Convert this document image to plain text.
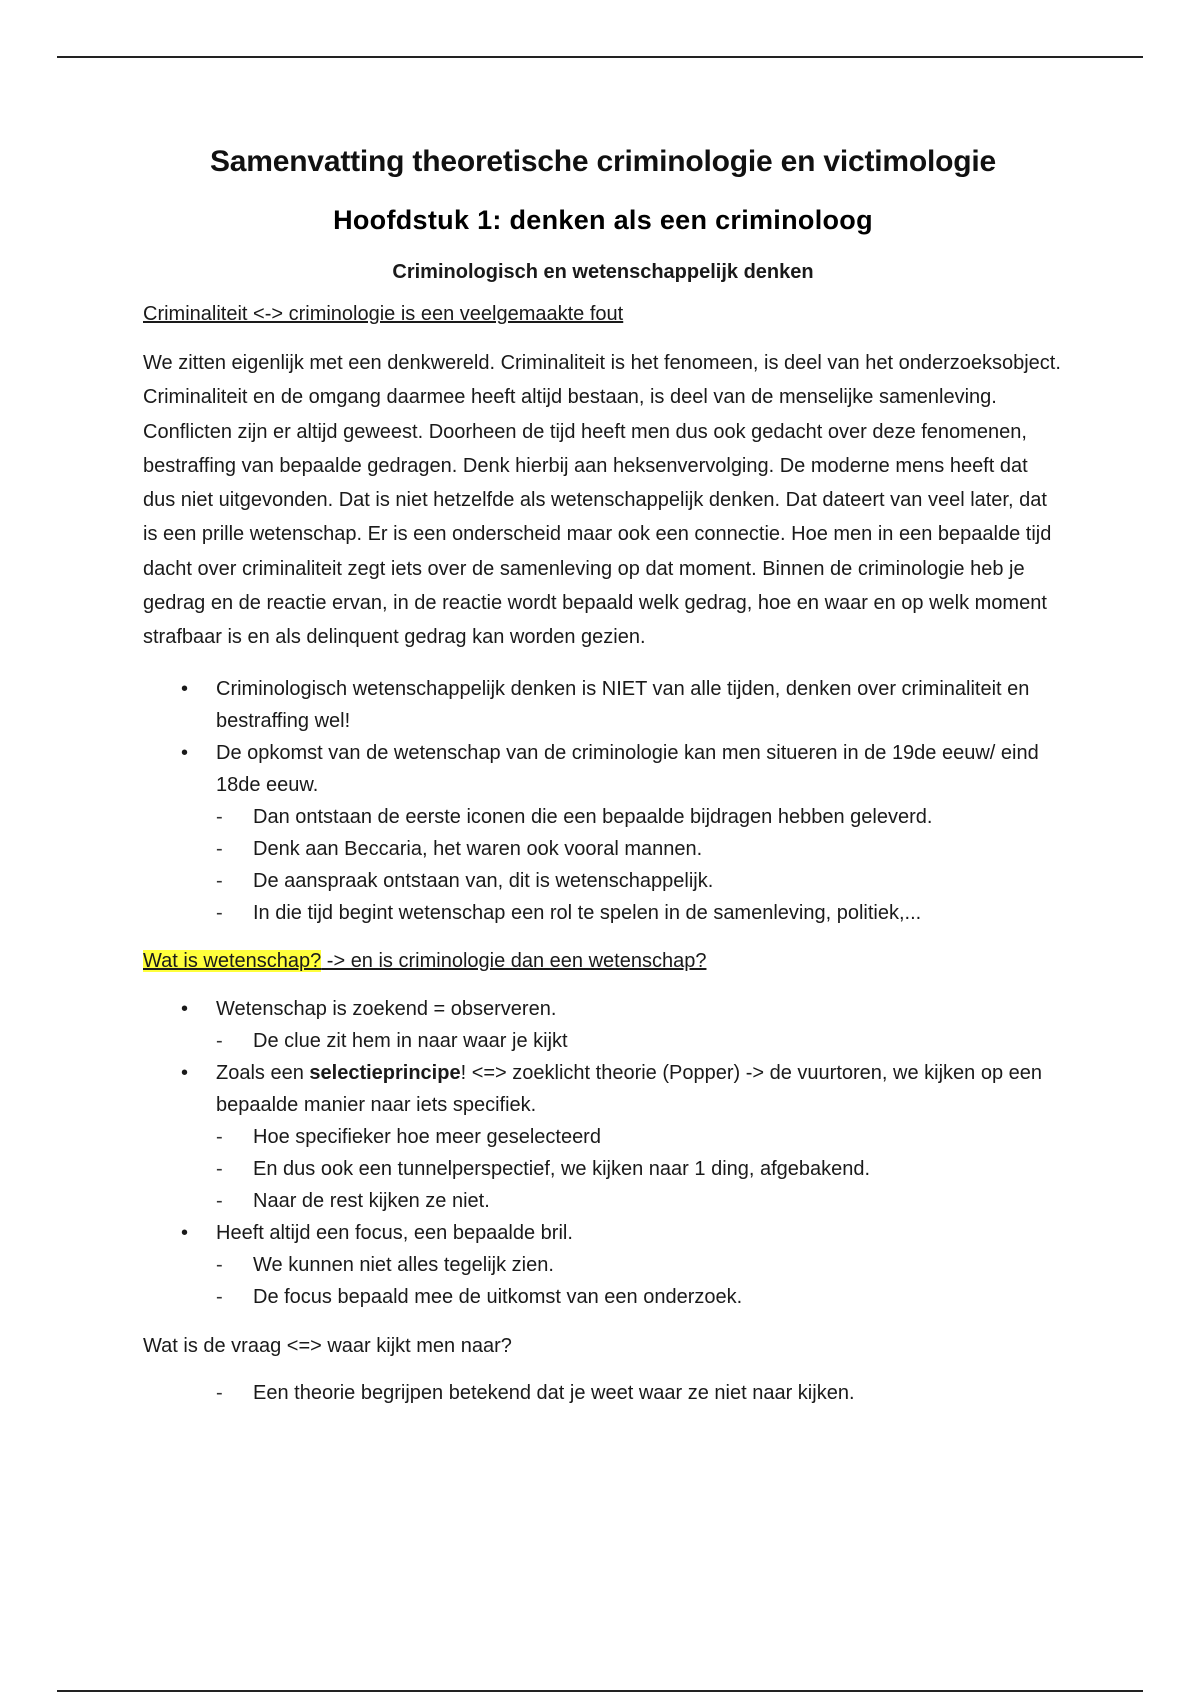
Samenvatting theoretische criminologie en victimologie
Hoofdstuk 1: denken als een criminoloog
Criminologisch en wetenschappelijk denken

Criminaliteit <-> criminologie is een veelgemaakte fout

We zitten eigenlijk met een denkwereld. Criminaliteit is het fenomeen, is deel van het onderzoeksobject. Criminaliteit en de omgang daarmee heeft altijd bestaan, is deel van de menselijke samenleving. Conflicten zijn er altijd geweest. Doorheen de tijd heeft men dus ook gedacht over deze fenomenen, bestraffing van bepaalde gedragen. Denk hierbij aan heksenvervolging. De moderne mens heeft dat dus niet uitgevonden. Dat is niet hetzelfde als wetenschappelijk denken. Dat dateert van veel later, dat is een prille wetenschap. Er is een onderscheid maar ook een connectie. Hoe men in een bepaalde tijd dacht over criminaliteit zegt iets over de samenleving op dat moment. Binnen de criminologie heb je gedrag en de reactie ervan, in de reactie wordt bepaald welk gedrag, hoe en waar en op welk moment strafbaar is en als delinquent gedrag kan worden gezien.

• Criminologisch wetenschappelijk denken is NIET van alle tijden, denken over criminaliteit en bestraffing wel!
• De opkomst van de wetenschap van de criminologie kan men situeren in de 19de eeuw/ eind 18de eeuw.
- Dan ontstaan de eerste iconen die een bepaalde bijdragen hebben geleverd.
- Denk aan Beccaria, het waren ook vooral mannen.
- De aanspraak ontstaan van, dit is wetenschappelijk.
- In die tijd begint wetenschap een rol te spelen in de samenleving, politiek,...

Wat is wetenschap? -> en is criminologie dan een wetenschap?

• Wetenschap is zoekend = observeren.
- De clue zit hem in naar waar je kijkt
• Zoals een selectieprincipe! <=> zoeklicht theorie (Popper) -> de vuurtoren, we kijken op een bepaalde manier naar iets specifiek.
- Hoe specifieker hoe meer geselecteerd
- En dus ook een tunnelperspectief, we kijken naar 1 ding, afgebakend.
- Naar de rest kijken ze niet.
• Heeft altijd een focus, een bepaalde bril.
- We kunnen niet alles tegelijk zien.
- De focus bepaald mee de uitkomst van een onderzoek.

Wat is de vraag <=> waar kijkt men naar?

- Een theorie begrijpen betekend dat je weet waar ze niet naar kijken.
